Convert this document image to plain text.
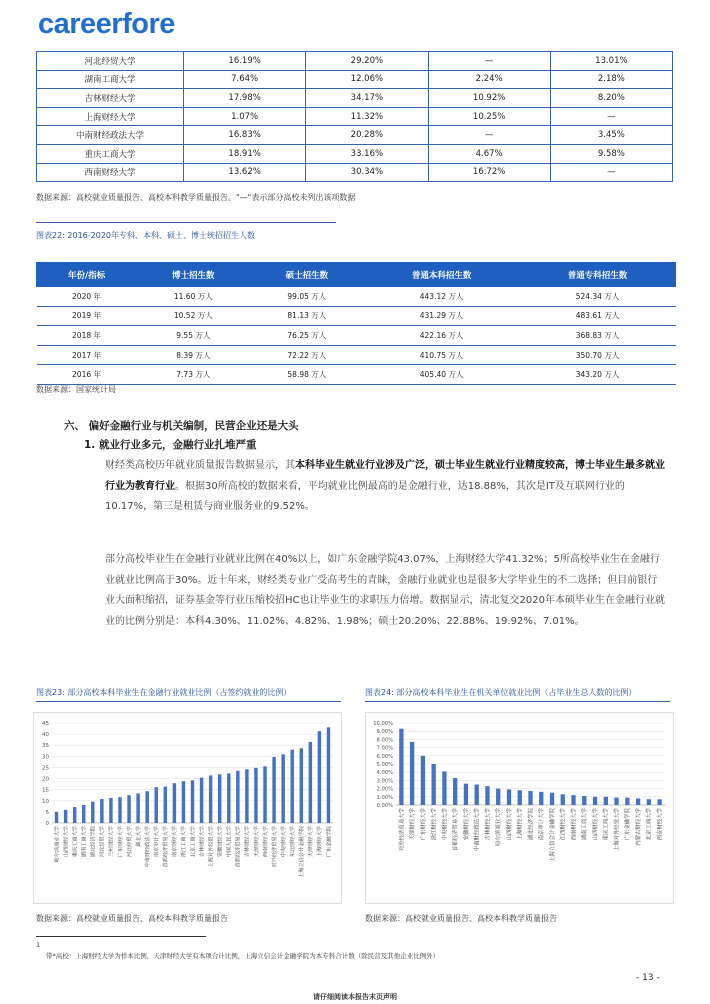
careerfore
河北经贸大学	16.19%	29.20%	—	13.01%
湖南工商大学	7.64%	12.06%	2.24%	2.18%
吉林财经大学	17.98%	34.17%	10.92%	8.20%
上海财经大学	1.07%	11.32%	10.25%	—
中南财经政法大学	16.83%	20.28%	—	3.45%
重庆工商大学	18.91%	33.16%	4.67%	9.58%
西南财经大学	13.62%	30.34%	16.72%	—
数据来源：高校就业质量报告、高校本科教学质量报告。"—"表示部分高校未列出该项数据
图表22: 2016-2020年专科、本科、硕士、博士统招招生人数
年份/指标	博士招生数	硕士招生数	普通本科招生数	普通专科招生数
2020 年	11.60 万人	99.05 万人	443.12 万人	524.34 万人
2019 年	10.52 万人	81.13 万人	431.29 万人	483.61 万人
2018 年	9.55 万人	76.25 万人	422.16 万人	368.83 万人
2017 年	8.39 万人	72.22 万人	410.75 万人	350.70 万人
2016 年	7.73 万人	58.98 万人	405.40 万人	343.20 万人
数据来源：国家统计局
六、 偏好金融行业与机关编制，民营企业还是大头
1. 就业行业多元，金融行业扎堆严重
财经类高校历年就业质量报告数据显示，其本科毕业生就业行业涉及广泛，硕士毕业生就业行业精度较高，博士毕业生最多就业行业为教育行业。根据30所高校的数据来看，平均就业比例最高的是金融行业，达18.88%，其次是IT及互联网行业的10.17%，第三是租赁与商业服务业的9.52%。
部分高校毕业生在金融行业就业比例在40%以上，如广东金融学院43.07%，上海财经大学41.32%；5所高校毕业生在金融行业就业比例高于30%。近十年来，财经类专业广受高考生的青睐，金融行业就业也是很多大学毕业生的不二选择；但目前银行业大面积缩招，证券基金等行业压缩校招HC也让毕业生的求职压力倍增。数据显示，清北复交2020年本硕毕业生在金融行业就业的比例分别是：本科4.30%、11.02%、4.82%、1.98%；硕士20.20%、22.88%、19.92%、7.01%。
图表23: 部分高校本科毕业生在金融行业就业比例（占签约就业的比例）
0
5
10
15
20
25
30
35
40
45
哈尔滨商业大学 山西财经大学 重庆工商大学 湖南工商大学 湖北经济学院 河北经贸大学 兰州财经大学 广东财经大学 河北经贸大学 湖北大学 中南财经政法大学 南京审计大学 首都经济贸易大学 南京财经大学 浙江工商大学 北京工商大学 吉林财经大学 上海对外经贸大学 安徽财经大学 中国人民大学 首都经济贸易大学 吉林财经大学 天津财经大学 西南财经大学 对外经济贸易大学 中央财经大学 东北财经大学 上海立信会计金融学院 天津财经大学 上海财经大学 广东金融学院
数据来源：高校就业质量报告、高校本科教学质量报告
图表24: 部分高校本科毕业生在机关单位就业比例（占毕业生总人数的比例）
0.00%
1.00%
2.00%
3.00%
4.00%
5.00%
6.00%
7.00%
8.00%
9.00%
10.00%
对外经济贸易大学 天津财经大学 广东财经大学 浙江财经大学 中央财经大学 首都经济贸易大学 安徽财经大学 中南财经政法大学 吉林财经大学 哈尔滨商业大学 山西财经大学 上海财经大学 湖北经济学院 南京审计大学 上海立信会计金融学院 江西财经大学 西南财经大学 湖南工商大学 山西财经大学 重庆工商大学 上海对外经贸大学 广东金融学院 内蒙古财经大学 北京工商大学 西安财经大学
数据来源：高校就业质量报告、高校本科教学质量报告
1
带*高校：上海财经大学为样本比例，天津财经大学有本项合计比例，上海立信会计金融学院为本专科合计数（除民营及其他企业比例外）
- 13 -
请仔细阅读本报告末页声明
